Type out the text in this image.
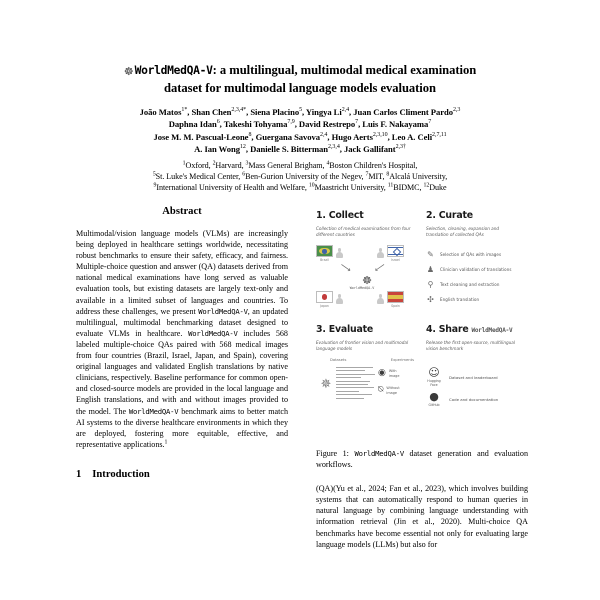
☸WorldMedQA-V: a multilingual, multimodal medical examination
dataset for multimodal language models evaluation
João Matos$^{1*}$, Shan Chen$^{2,3,4*}$, Siena Placino$^5$, Yingya Li$^{2,4}$, Juan Carlos Climent Pardo$^{2,3}$
Daphna Idan$^6$, Takeshi Tohyama$^{7,9}$, David Restrepo$^7$, Luis F. Nakayama$^7$
Jose M. M. Pascual-Leone$^8$, Guergana Savova$^{2,4}$, Hugo Aerts$^{2,3,10}$, Leo A. Celi$^{2,7,11}$
A. Ian Wong$^{12}$, Danielle S. Bitterman$^{2,3,4}$, Jack Gallifant$^{2,3\dagger}$
$^1$Oxford, $^2$Harvard, $^3$Mass General Brigham, $^4$Boston Children's Hospital,
$^5$St. Luke's Medical Center, $^6$Ben-Gurion University of the Negev, $^7$MIT, $^8$Alcalá University,
$^9$International University of Health and Welfare, $^{10}$Maastricht University, $^{11}$BIDMC, $^{12}$Duke
Abstract
Multimodal/vision language models (VLMs) are increasingly being deployed in healthcare settings worldwide, necessitating robust benchmarks to ensure their safety, efficacy, and fairness. Multiple-choice question and answer (QA) datasets derived from national medical examinations have long served as valuable evaluation tools, but existing datasets are largely text-only and available in a limited subset of languages and countries. To address these challenges, we present WorldMedQA-V, an updated multilingual, multimodal benchmarking dataset designed to evaluate VLMs in healthcare. WorldMedQA-V includes 568 labeled multiple-choice QAs paired with 568 medical images from four countries (Brazil, Israel, Japan, and Spain), covering original languages and validated English translations by native clinicians, respectively. Baseline performance for common open- and closed-source models are provided in the local language and English translations, and with and without images provided to the model. The WorldMedQA-V benchmark aims to better match AI systems to the diverse healthcare environments in which they are deployed, fostering more equitable, effective, and representative applications.$^1$
1 Introduction
1. Collect
Collection of medical examinations from four different countries
Brazil	Israel
Japan	Spain
⟶ ⟶
☸
WorldMedQA-V
2. Curate
Selection, cleaning, expansion and translation of collected QAs
✎ Selection of QAs with images
♟ Clinician validation of translations
⚲	Text cleaning and extraction
✣ English translation
3. Evaluate
Evaluation of frontier vision and multimodal language models
Datasets	Experiments
✵
◉ With
image
⍉ Without
image
4. Share WorldMedQA-V
Release the first open-source, multilingual vision benchmark
☺
Hugging Face
Dataset and leaderboard
●
GitHub
Code and documentation
Figure 1: WorldMedQA-V dataset generation and evaluation workflows.
(QA)(Yu et al., 2024; Fan et al., 2023), which involves building systems that can automatically respond to human queries in natural language by combining language understanding with information retrieval (Jin et al., 2020). Multi-choice QA benchmarks have become essential not only for evaluating large language models (LLMs) but also for
